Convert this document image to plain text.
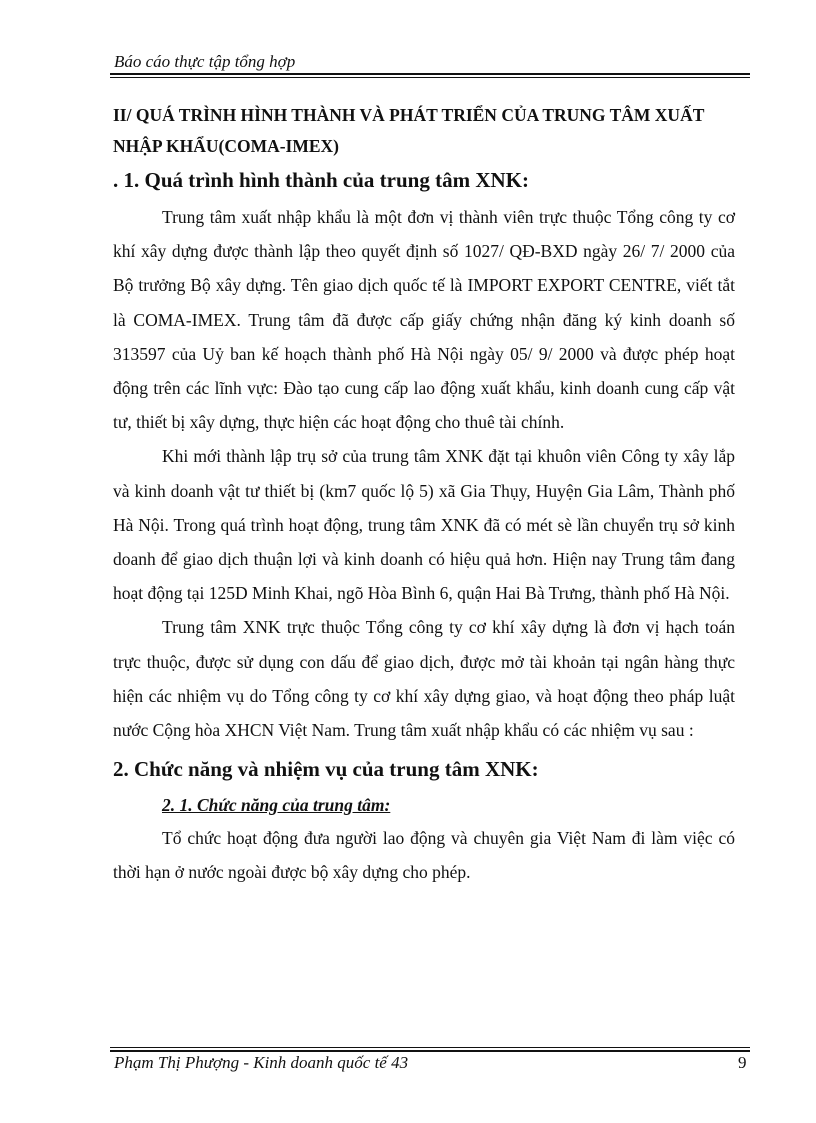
Báo cáo thực tập tổng hợp
II/ QUÁ TRÌNH HÌNH THÀNH VÀ PHÁT TRIỂN CỦA TRUNG TÂM XUẤT NHẬP KHẨU(COMA-IMEX)
. 1. Quá trình hình thành của trung tâm XNK:

Trung tâm xuất nhập khẩu là một đơn vị thành viên trực thuộc Tổng công ty cơ khí xây dựng được thành lập theo quyết định số 1027/ QĐ-BXD ngày 26/ 7/ 2000 của Bộ trưởng Bộ xây dựng. Tên giao dịch quốc tế là IMPORT EXPORT CENTRE, viết tắt là COMA-IMEX. Trung tâm đã được cấp giấy chứng nhận đăng ký kinh doanh số 313597 của Uỷ ban kế hoạch thành phố Hà Nội ngày 05/ 9/ 2000 và được phép hoạt động trên các lĩnh vực: Đào tạo cung cấp lao động xuất khẩu, kinh doanh cung cấp vật tư, thiết bị xây dựng, thực hiện các hoạt động cho thuê tài chính.

Khi mới thành lập trụ sở của trung tâm XNK đặt tại khuôn viên Công ty xây lắp và kinh doanh vật tư thiết bị (km7 quốc lộ 5) xã Gia Thụy, Huyện Gia Lâm, Thành phố Hà Nội. Trong quá trình hoạt động, trung tâm XNK đã có mét sè lần chuyển trụ sở kinh doanh để giao dịch thuận lợi và kinh doanh có hiệu quả hơn. Hiện nay Trung tâm đang hoạt động tại 125D Minh Khai, ngõ Hòa Bình 6, quận Hai Bà Trưng, thành phố Hà Nội.

Trung tâm XNK trực thuộc Tổng công ty cơ khí xây dựng là đơn vị hạch toán trực thuộc, được sử dụng con dấu để giao dịch, được mở tài khoản tại ngân hàng thực hiện các nhiệm vụ do Tổng công ty cơ khí xây dựng giao, và hoạt động theo pháp luật nước Cộng hòa XHCN Việt Nam. Trung tâm xuất nhập khẩu có các nhiệm vụ sau :

2. Chức năng và nhiệm vụ của trung tâm XNK:
2. 1. Chức năng của trung tâm:

Tổ chức hoạt động đưa người lao động và chuyên gia Việt Nam đi làm việc có thời hạn ở nước ngoài được bộ xây dựng cho phép.

Phạm Thị Phượng - Kinh doanh quốc tế 43	9
